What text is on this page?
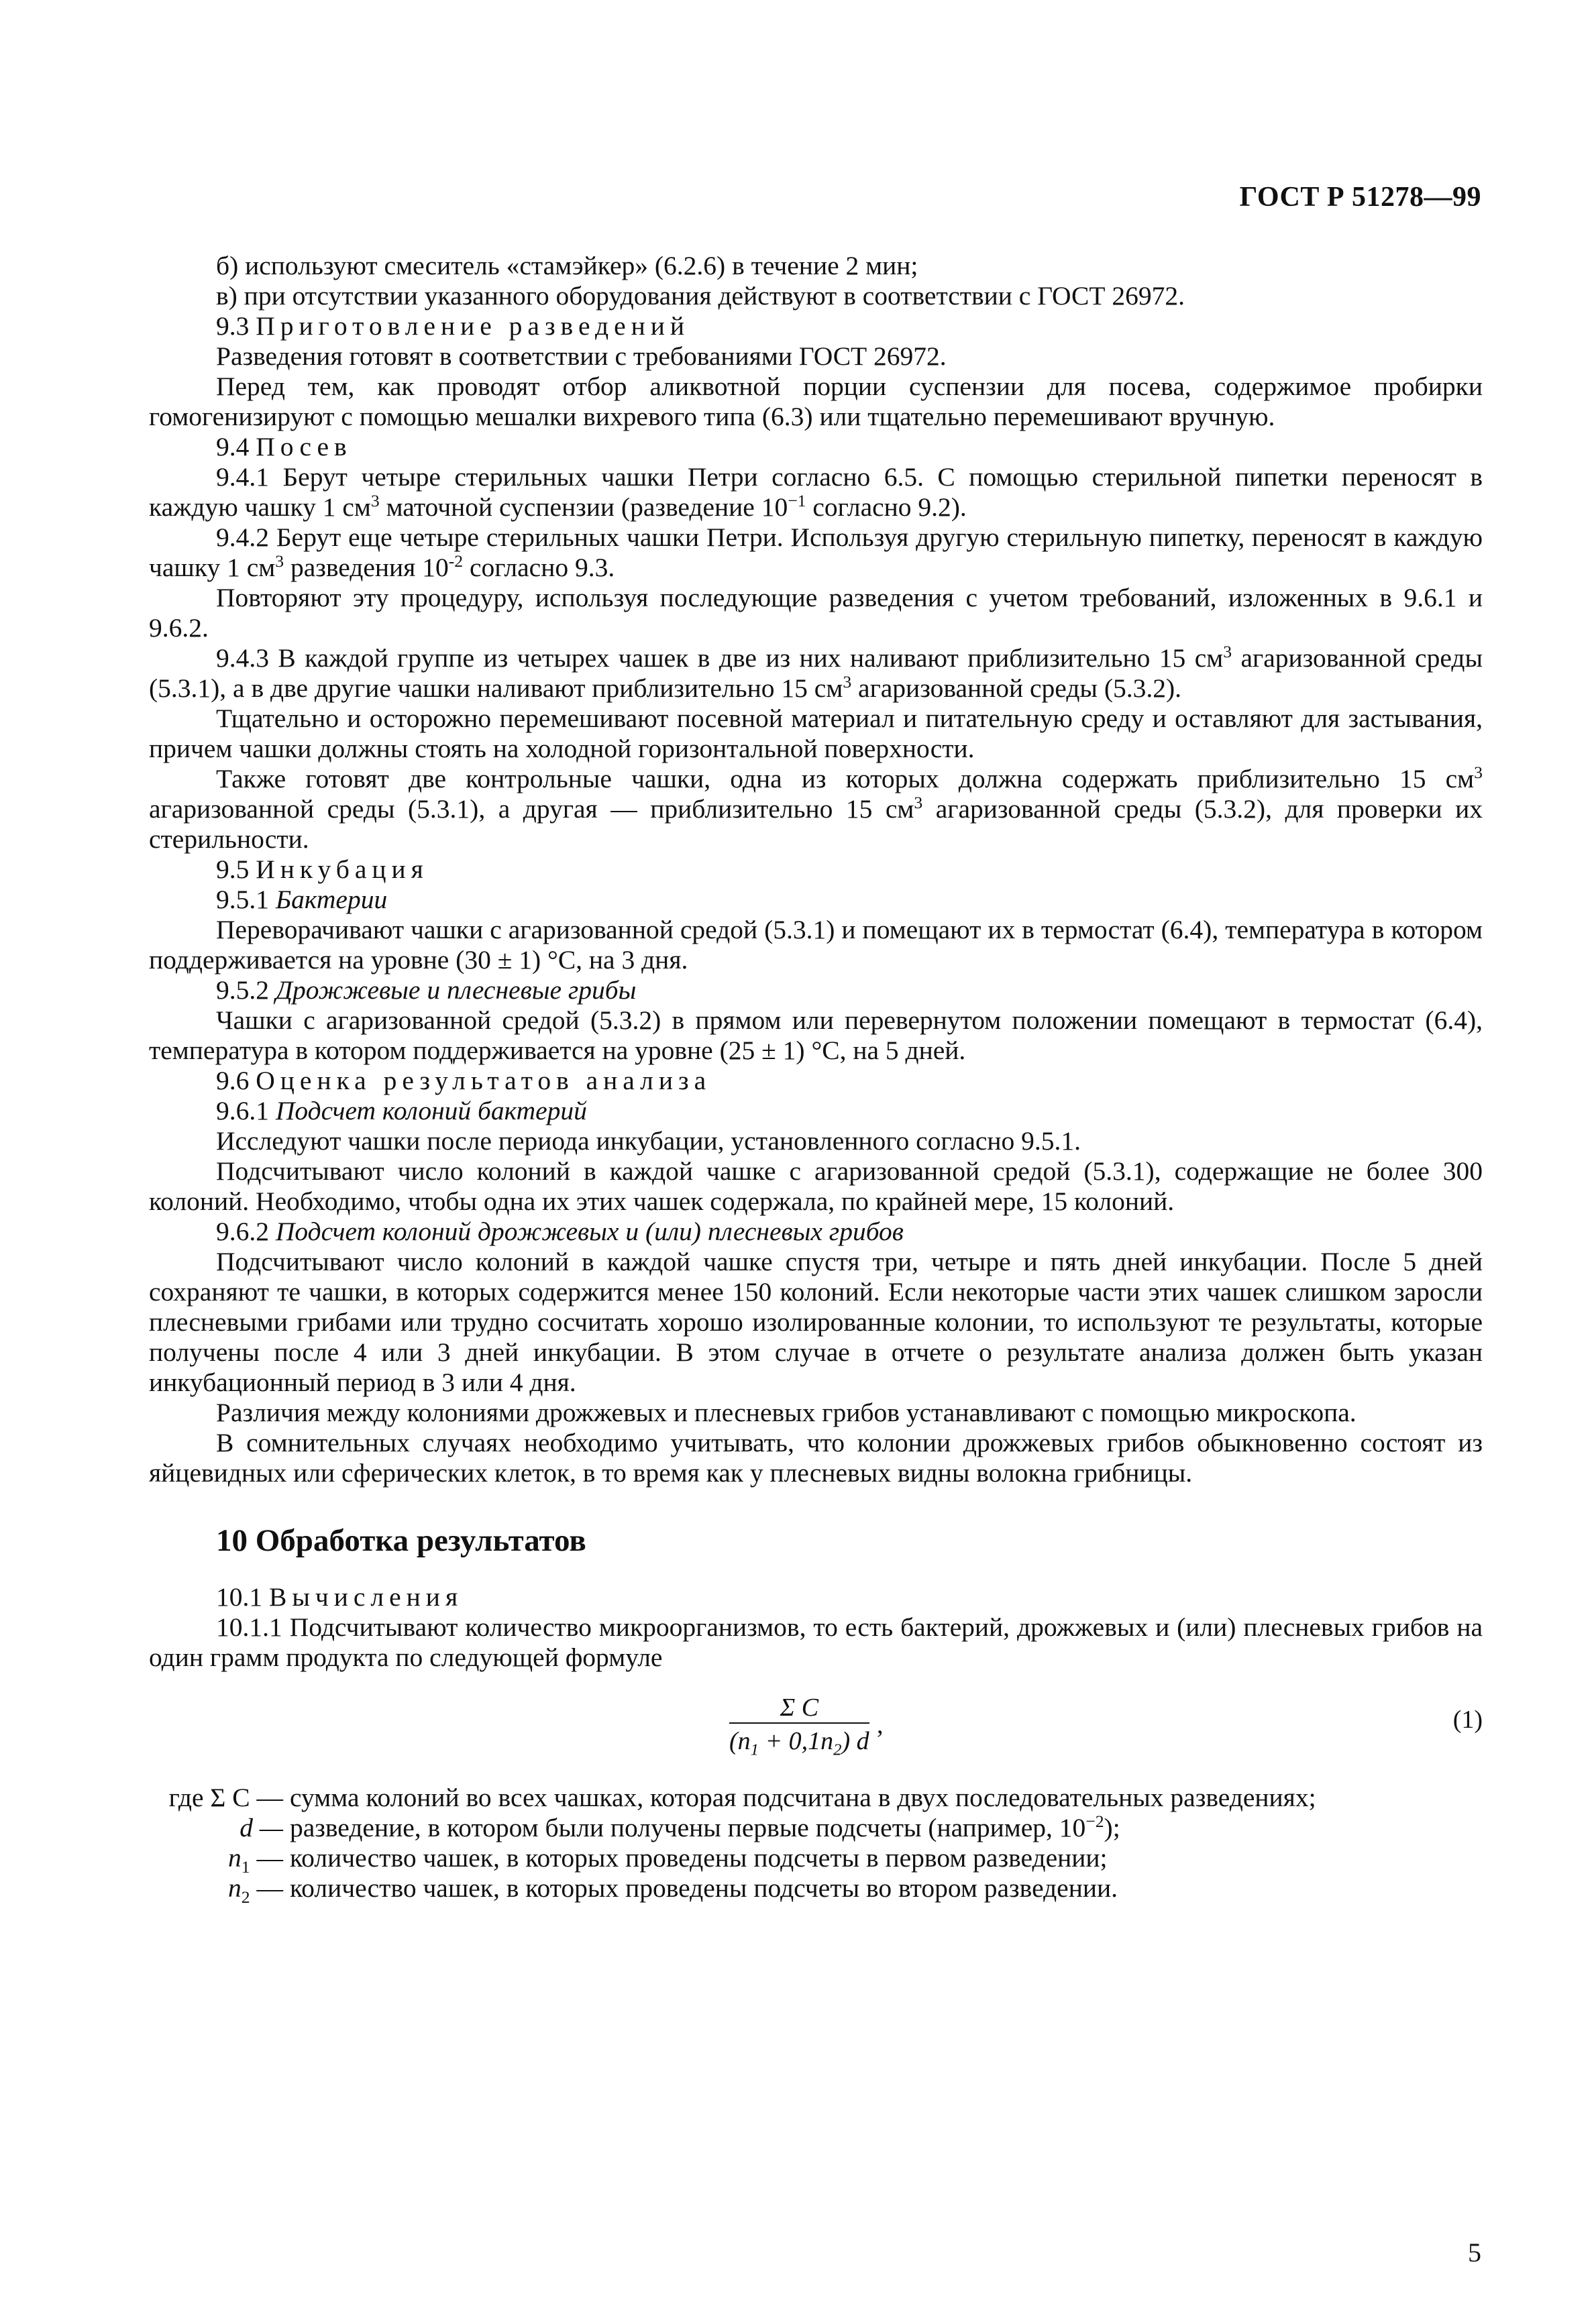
ГОСТ Р 51278—99

б) используют смеситель «стамэйкер» (6.2.6) в течение 2 мин;

в) при отсутствии указанного оборудования действуют в соответствии с ГОСТ 26972.

9.3 Приготовление разведений

Разведения готовят в соответствии с требованиями ГОСТ 26972.

Перед тем, как проводят отбор аликвотной порции суспензии для посева, содержимое пробирки гомогенизируют с помощью мешалки вихревого типа (6.3) или тщательно перемешивают вручную.

9.4 Посев

9.4.1 Берут четыре стерильных чашки Петри согласно 6.5. С помощью стерильной пипетки переносят в каждую чашку 1 $см^3$ маточной суспензии (разведение $10^{-1}$ согласно 9.2).

9.4.2 Берут еще четыре стерильных чашки Петри. Используя другую стерильную пипетку, переносят в каждую чашку 1 $см^3$ разведения $10^{-2}$ согласно 9.3.

Повторяют эту процедуру, используя последующие разведения с учетом требований, изложенных в 9.6.1 и 9.6.2.

9.4.3 В каждой группе из четырех чашек в две из них наливают приблизительно 15 $см^3$ агаризованной среды (5.3.1), а в две другие чашки наливают приблизительно 15 $см^3$ агаризованной среды (5.3.2).

Тщательно и осторожно перемешивают посевной материал и питательную среду и оставляют для застывания, причем чашки должны стоять на холодной горизонтальной поверхности.

Также готовят две контрольные чашки, одна из которых должна содержать приблизительно 15 $см^3$ агаризованной среды (5.3.1), а другая — приблизительно 15 $см^3$ агаризованной среды (5.3.2), для проверки их стерильности.

9.5 Инкубация

9.5.1 Бактерии

Переворачивают чашки с агаризованной средой (5.3.1) и помещают их в термостат (6.4), температура в котором поддерживается на уровне (30 ± 1) °С, на 3 дня.

9.5.2 Дрожжевые и плесневые грибы

Чашки с агаризованной средой (5.3.2) в прямом или перевернутом положении помещают в термостат (6.4), температура в котором поддерживается на уровне (25 ± 1) °С, на 5 дней.

9.6 Оценка результатов анализа

9.6.1 Подсчет колоний бактерий

Исследуют чашки после периода инкубации, установленного согласно 9.5.1.

Подсчитывают число колоний в каждой чашке с агаризованной средой (5.3.1), содержащие не более 300 колоний. Необходимо, чтобы одна их этих чашек содержала, по крайней мере, 15 колоний.

9.6.2 Подсчет колоний дрожжевых и (или) плесневых грибов

Подсчитывают число колоний в каждой чашке спустя три, четыре и пять дней инкубации. После 5 дней сохраняют те чашки, в которых содержится менее 150 колоний. Если некоторые части этих чашек слишком заросли плесневыми грибами или трудно сосчитать хорошо изолированные колонии, то используют те результаты, которые получены после 4 или 3 дней инкубации. В этом случае в отчете о результате анализа должен быть указан инкубационный период в 3 или 4 дня.

Различия между колониями дрожжевых и плесневых грибов устанавливают с помощью микроскопа.

В сомнительных случаях необходимо учитывать, что колонии дрожжевых грибов обыкновенно состоят из яйцевидных или сферических клеток, в то время как у плесневых видны волокна грибницы.

10 Обработка результатов

10.1 Вычисления

10.1.1 Подсчитывают количество микроорганизмов, то есть бактерий, дрожжевых и (или) плесневых грибов на один грамм продукта по следующей формуле

$\frac{\text{Σ C}}{(n_1 + 0,1n_2) d}$ ,	(1)
где Σ C — сумма колоний во всех чашках, которая подсчитана в двух последовательных разведениях;
d — разведение, в котором были получены первые подсчеты (например, $10^{-2}$);
$n_1$ — количество чашек, в которых проведены подсчеты в первом разведении;
$n_2$ — количество чашек, в которых проведены подсчеты во втором разведении.
5
